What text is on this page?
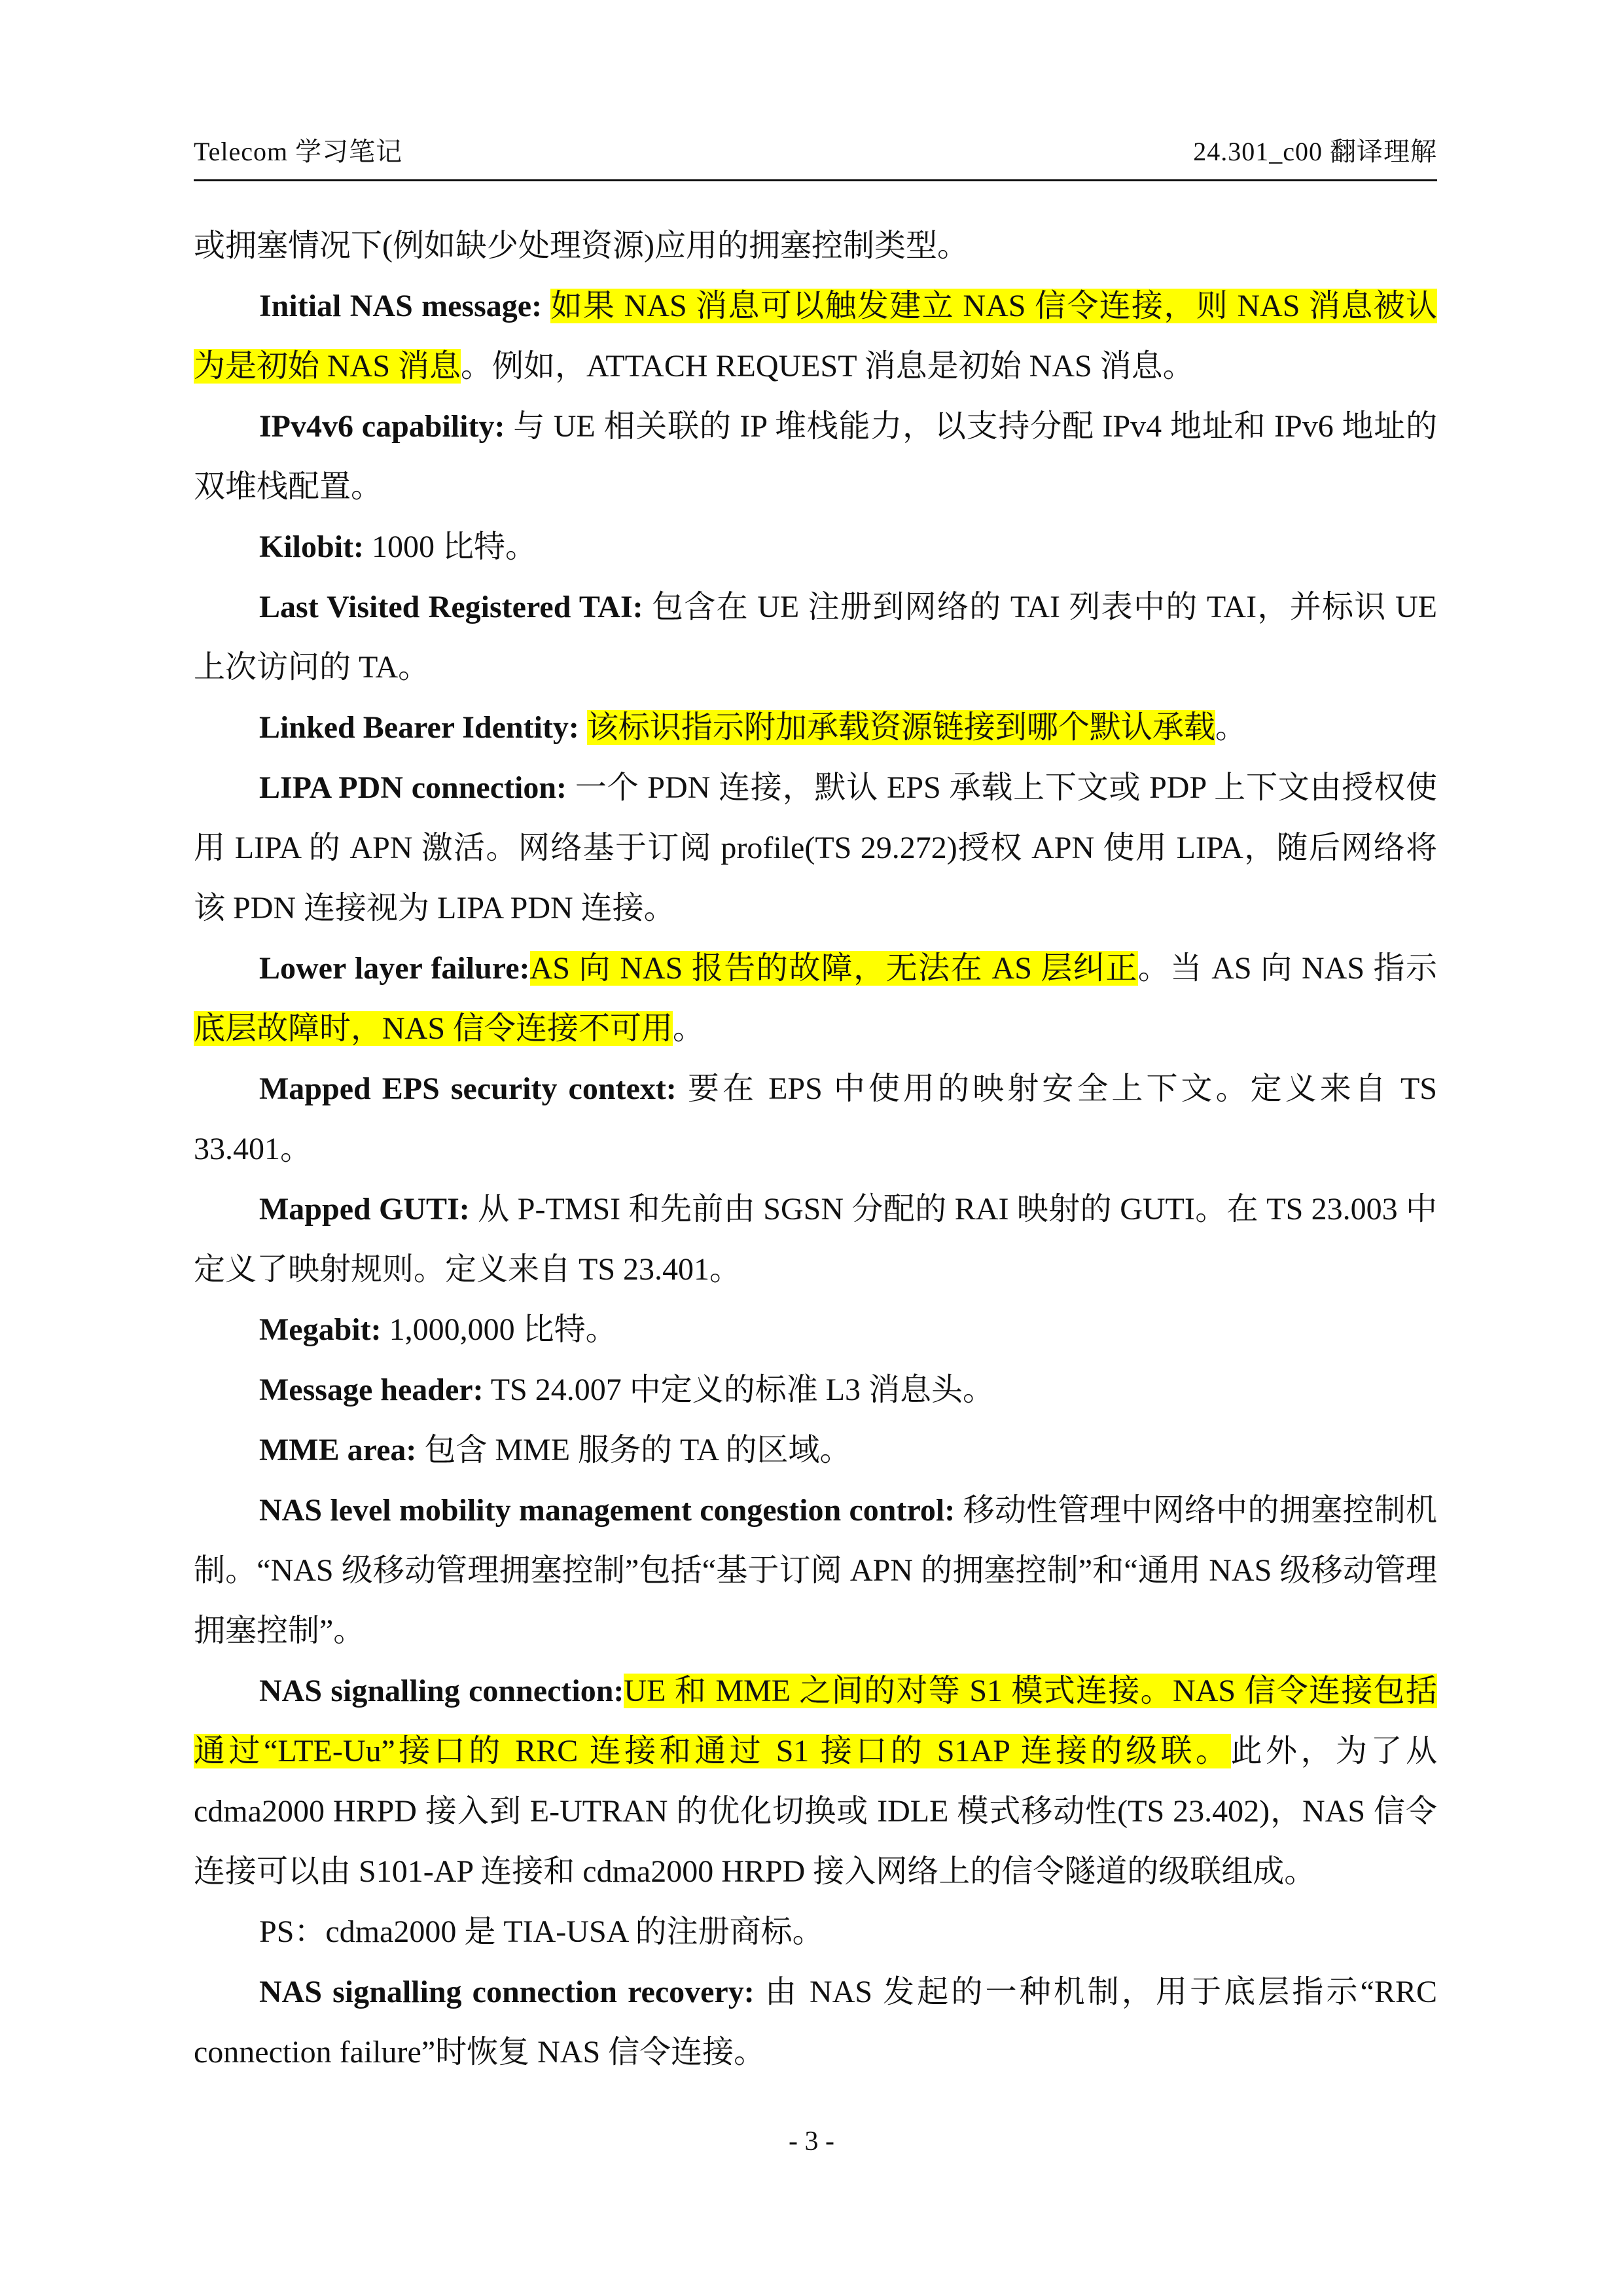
Telecom 学习笔记	24.301_c00 翻译理解

或拥塞情况下(例如缺少处理资源)应用的拥塞控制类型。

Initial NAS message: 如果 NAS 消息可以触发建立 NAS 信令连接，则 NAS 消息被认为是初始 NAS 消息。例如，ATTACH REQUEST 消息是初始 NAS 消息。

IPv4v6 capability: 与 UE 相关联的 IP 堆栈能力，以支持分配 IPv4 地址和 IPv6 地址的双堆栈配置。

Kilobit: 1000 比特。

Last Visited Registered TAI: 包含在 UE 注册到网络的 TAI 列表中的 TAI，并标识 UE 上次访问的 TA。

Linked Bearer Identity: 该标识指示附加承载资源链接到哪个默认承载。

LIPA PDN connection: 一个 PDN 连接，默认 EPS 承载上下文或 PDP 上下文由授权使用 LIPA 的 APN 激活。网络基于订阅 profile(TS 29.272)授权 APN 使用 LIPA，随后网络将该 PDN 连接视为 LIPA PDN 连接。

Lower layer failure:AS 向 NAS 报告的故障，无法在 AS 层纠正。当 AS 向 NAS 指示底层故障时，NAS 信令连接不可用。

Mapped EPS security context: 要在 EPS 中使用的映射安全上下文。定义来自 TS 33.401。

Mapped GUTI: 从 P-TMSI 和先前由 SGSN 分配的 RAI 映射的 GUTI。在 TS 23.003 中定义了映射规则。定义来自 TS 23.401。

Megabit: 1,000,000 比特。

Message header: TS 24.007 中定义的标准 L3 消息头。

MME area: 包含 MME 服务的 TA 的区域。

NAS level mobility management congestion control: 移动性管理中网络中的拥塞控制机制。“NAS 级移动管理拥塞控制”包括“基于订阅 APN 的拥塞控制”和“通用 NAS 级移动管理拥塞控制”。

NAS signalling connection:UE 和 MME 之间的对等 S1 模式连接。NAS 信令连接包括通过“LTE-Uu”接口的 RRC 连接和通过 S1 接口的 S1AP 连接的级联。此外，为了从 cdma2000 HRPD 接入到 E-UTRAN 的优化切换或 IDLE 模式移动性(TS 23.402)，NAS 信令连接可以由 S101-AP 连接和 cdma2000 HRPD 接入网络上的信令隧道的级联组成。

PS：cdma2000 是 TIA-USA 的注册商标。

NAS signalling connection recovery: 由 NAS 发起的一种机制，用于底层指示“RRC connection failure”时恢复 NAS 信令连接。

- 3 -
